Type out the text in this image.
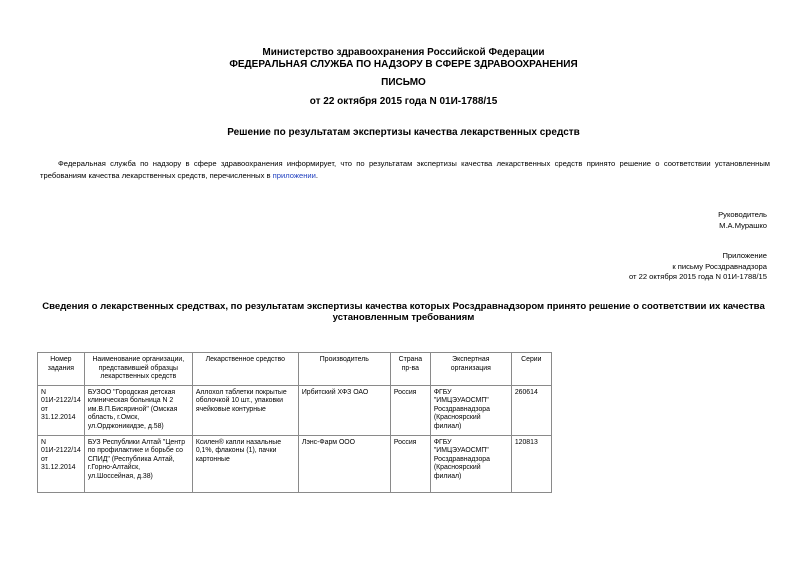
Министерство здравоохранения Российской Федерации
ФЕДЕРАЛЬНАЯ СЛУЖБА ПО НАДЗОРУ В СФЕРЕ ЗДРАВООХРАНЕНИЯ
ПИСЬМО
от 22 октября 2015 года N 01И-1788/15
Решение по результатам экспертизы качества лекарственных средств
Федеральная служба по надзору в сфере здравоохранения информирует, что по результатам экспертизы качества лекарственных средств принято решение о соответствии установленным требованиям качества лекарственных средств, перечисленных в приложении.
Руководитель
М.А.Мурашко
Приложение
к письму Росздравнадзора
от 22 октября 2015 года N 01И-1788/15
Сведения о лекарственных средствах, по результатам экспертизы качества которых Росздравнадзором принято решение о соответствии их качества
установленным требованиям
Номер задания	Наименование организации, представившей образцы лекарственных средств	Лекарственное средство	Производитель	Страна пр-ва	Экспертная организация	Серии
N 01И-2122/14 от 31.12.2014	БУЗОО "Городская детская клиническая больница N 2 им.В.П.Бисяриной" (Омская область, г.Омск, ул.Орджоникидзе, д.58)	Аллохол таблетки покрытые оболочкой 10 шт., упаковки ячейковые контурные	Ирбитский ХФЗ ОАО	Россия	ФГБУ "ИМЦЭУАОСМП" Росздравнадзора (Красноярский филиал)	260614
N 01И-2122/14 от 31.12.2014	БУЗ Республики Алтай "Центр по профилактике и борьбе со СПИД" (Республика Алтай, г.Горно-Алтайск, ул.Шоссейная, д.38)	Ксилен® капли назальные 0,1%, флаконы (1), пачки картонные	Лэнс-Фарм ООО	Россия	ФГБУ "ИМЦЭУАОСМП" Росздравнадзора (Красноярский филиал)	120813
